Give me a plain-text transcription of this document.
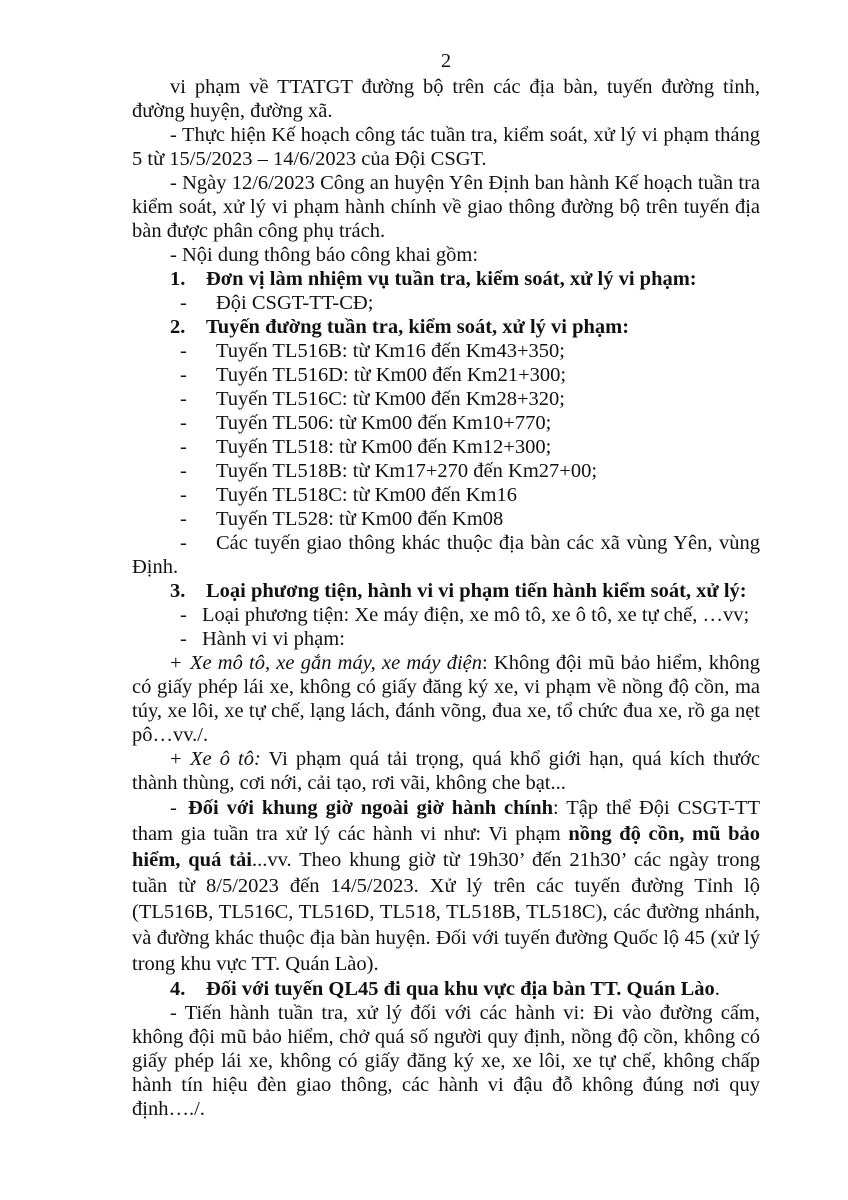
2
vi phạm về TTATGT đường bộ trên các địa bàn, tuyến đường tỉnh, đường huyện, đường xã.
- Thực hiện Kế hoạch công tác tuần tra, kiểm soát, xử lý vi phạm tháng 5 từ 15/5/2023 – 14/6/2023 của Đội CSGT.
- Ngày 12/6/2023 Công an huyện Yên Định ban hành Kế hoạch tuần tra kiểm soát, xử lý vi phạm hành chính về giao thông đường bộ trên tuyến địa bàn được phân công phụ trách.
- Nội dung thông báo công khai gồm:
1. Đơn vị làm nhiệm vụ tuần tra, kiểm soát, xử lý vi phạm:
- Đội CSGT-TT-CĐ;
2. Tuyến đường tuần tra, kiểm soát, xử lý vi phạm:
- Tuyến TL516B: từ Km16 đến Km43+350;
- Tuyến TL516D: từ Km00 đến Km21+300;
- Tuyến TL516C: từ Km00 đến Km28+320;
- Tuyến TL506: từ Km00 đến Km10+770;
- Tuyến TL518: từ Km00 đến Km12+300;
- Tuyến TL518B: từ Km17+270 đến Km27+00;
- Tuyến TL518C: từ Km00 đến Km16
- Tuyến TL528: từ Km00 đến Km08
- Các tuyến giao thông khác thuộc địa bàn các xã vùng Yên, vùng Định.
3. Loại phương tiện, hành vi vi phạm tiến hành kiểm soát, xử lý:
- Loại phương tiện: Xe máy điện, xe mô tô, xe ô tô, xe tự chế, …vv;
- Hành vi vi phạm:
+ Xe mô tô, xe gắn máy, xe máy điện: Không đội mũ bảo hiểm, không có giấy phép lái xe, không có giấy đăng ký xe, vi phạm về nồng độ cồn, ma túy, xe lôi, xe tự chế, lạng lách, đánh võng, đua xe, tổ chức đua xe, rồ ga nẹt pô…vv./.
+ Xe ô tô: Vi phạm quá tải trọng, quá khổ giới hạn, quá kích thước thành thùng, cơi nới, cải tạo, rơi vãi, không che bạt...
- Đối với khung giờ ngoài giờ hành chính: Tập thể Đội CSGT-TT tham gia tuần tra xử lý các hành vi như: Vi phạm nồng độ cồn, mũ bảo hiểm, quá tải...vv. Theo khung giờ từ 19h30’ đến 21h30’ các ngày trong tuần từ 8/5/2023 đến 14/5/2023. Xử lý trên các tuyến đường Tỉnh lộ (TL516B, TL516C, TL516D, TL518, TL518B, TL518C), các đường nhánh, và đường khác thuộc địa bàn huyện. Đối với tuyến đường Quốc lộ 45 (xử lý trong khu vực TT. Quán Lào).
4. Đối với tuyến QL45 đi qua khu vực địa bàn TT. Quán Lào.
- Tiến hành tuần tra, xử lý đối với các hành vi: Đi vào đường cấm, không đội mũ bảo hiểm, chở quá số người quy định, nồng độ cồn, không có giấy phép lái xe, không có giấy đăng ký xe, xe lôi, xe tự chế, không chấp hành tín hiệu đèn giao thông, các hành vi đậu đỗ không đúng nơi quy định…./.
